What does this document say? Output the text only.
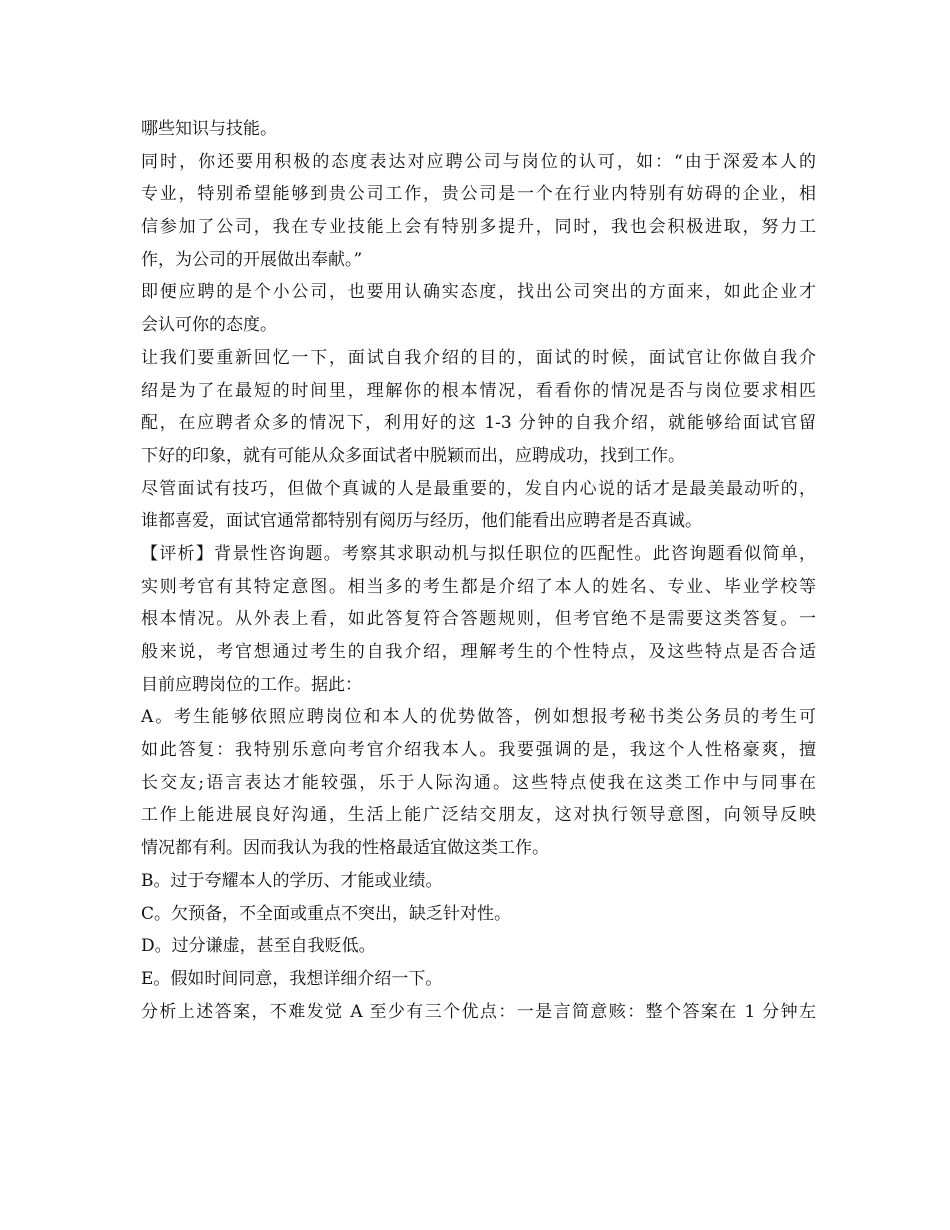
哪些知识与技能。
同时，你还要用积极的态度表达对应聘公司与岗位的认可，如：“由于深爱本人的
专业，特别希望能够到贵公司工作，贵公司是一个在行业内特别有妨碍的企业，相
信参加了公司，我在专业技能上会有特别多提升，同时，我也会积极进取，努力工
作，为公司的开展做出奉献。”
即便应聘的是个小公司，也要用认确实态度，找出公司突出的方面来，如此企业才
会认可你的态度。
让我们要重新回忆一下，面试自我介绍的目的，面试的时候，面试官让你做自我介
绍是为了在最短的时间里，理解你的根本情况，看看你的情况是否与岗位要求相匹
配，在应聘者众多的情况下，利用好的这 1-3 分钟的自我介绍，就能够给面试官留
下好的印象，就有可能从众多面试者中脱颖而出，应聘成功，找到工作。
尽管面试有技巧，但做个真诚的人是最重要的，发自内心说的话才是最美最动听的，
谁都喜爱，面试官通常都特别有阅历与经历，他们能看出应聘者是否真诚。
【评析】背景性咨询题。考察其求职动机与拟任职位的匹配性。此咨询题看似简单，
实则考官有其特定意图。相当多的考生都是介绍了本人的姓名、专业、毕业学校等
根本情况。从外表上看，如此答复符合答题规则，但考官绝不是需要这类答复。一
般来说，考官想通过考生的自我介绍，理解考生的个性特点，及这些特点是否合适
目前应聘岗位的工作。据此：
A。考生能够依照应聘岗位和本人的优势做答，例如想报考秘书类公务员的考生可
如此答复：我特别乐意向考官介绍我本人。我要强调的是，我这个人性格豪爽，擅
长交友;语言表达才能较强，乐于人际沟通。这些特点使我在这类工作中与同事在
工作上能进展良好沟通，生活上能广泛结交朋友，这对执行领导意图，向领导反映
情况都有利。因而我认为我的性格最适宜做这类工作。
B。过于夸耀本人的学历、才能或业绩。
C。欠预备，不全面或重点不突出，缺乏针对性。
D。过分谦虚，甚至自我贬低。
E。假如时间同意，我想详细介绍一下。
分析上述答案，不难发觉 A 至少有三个优点：一是言简意赅：整个答案在 1 分钟左
